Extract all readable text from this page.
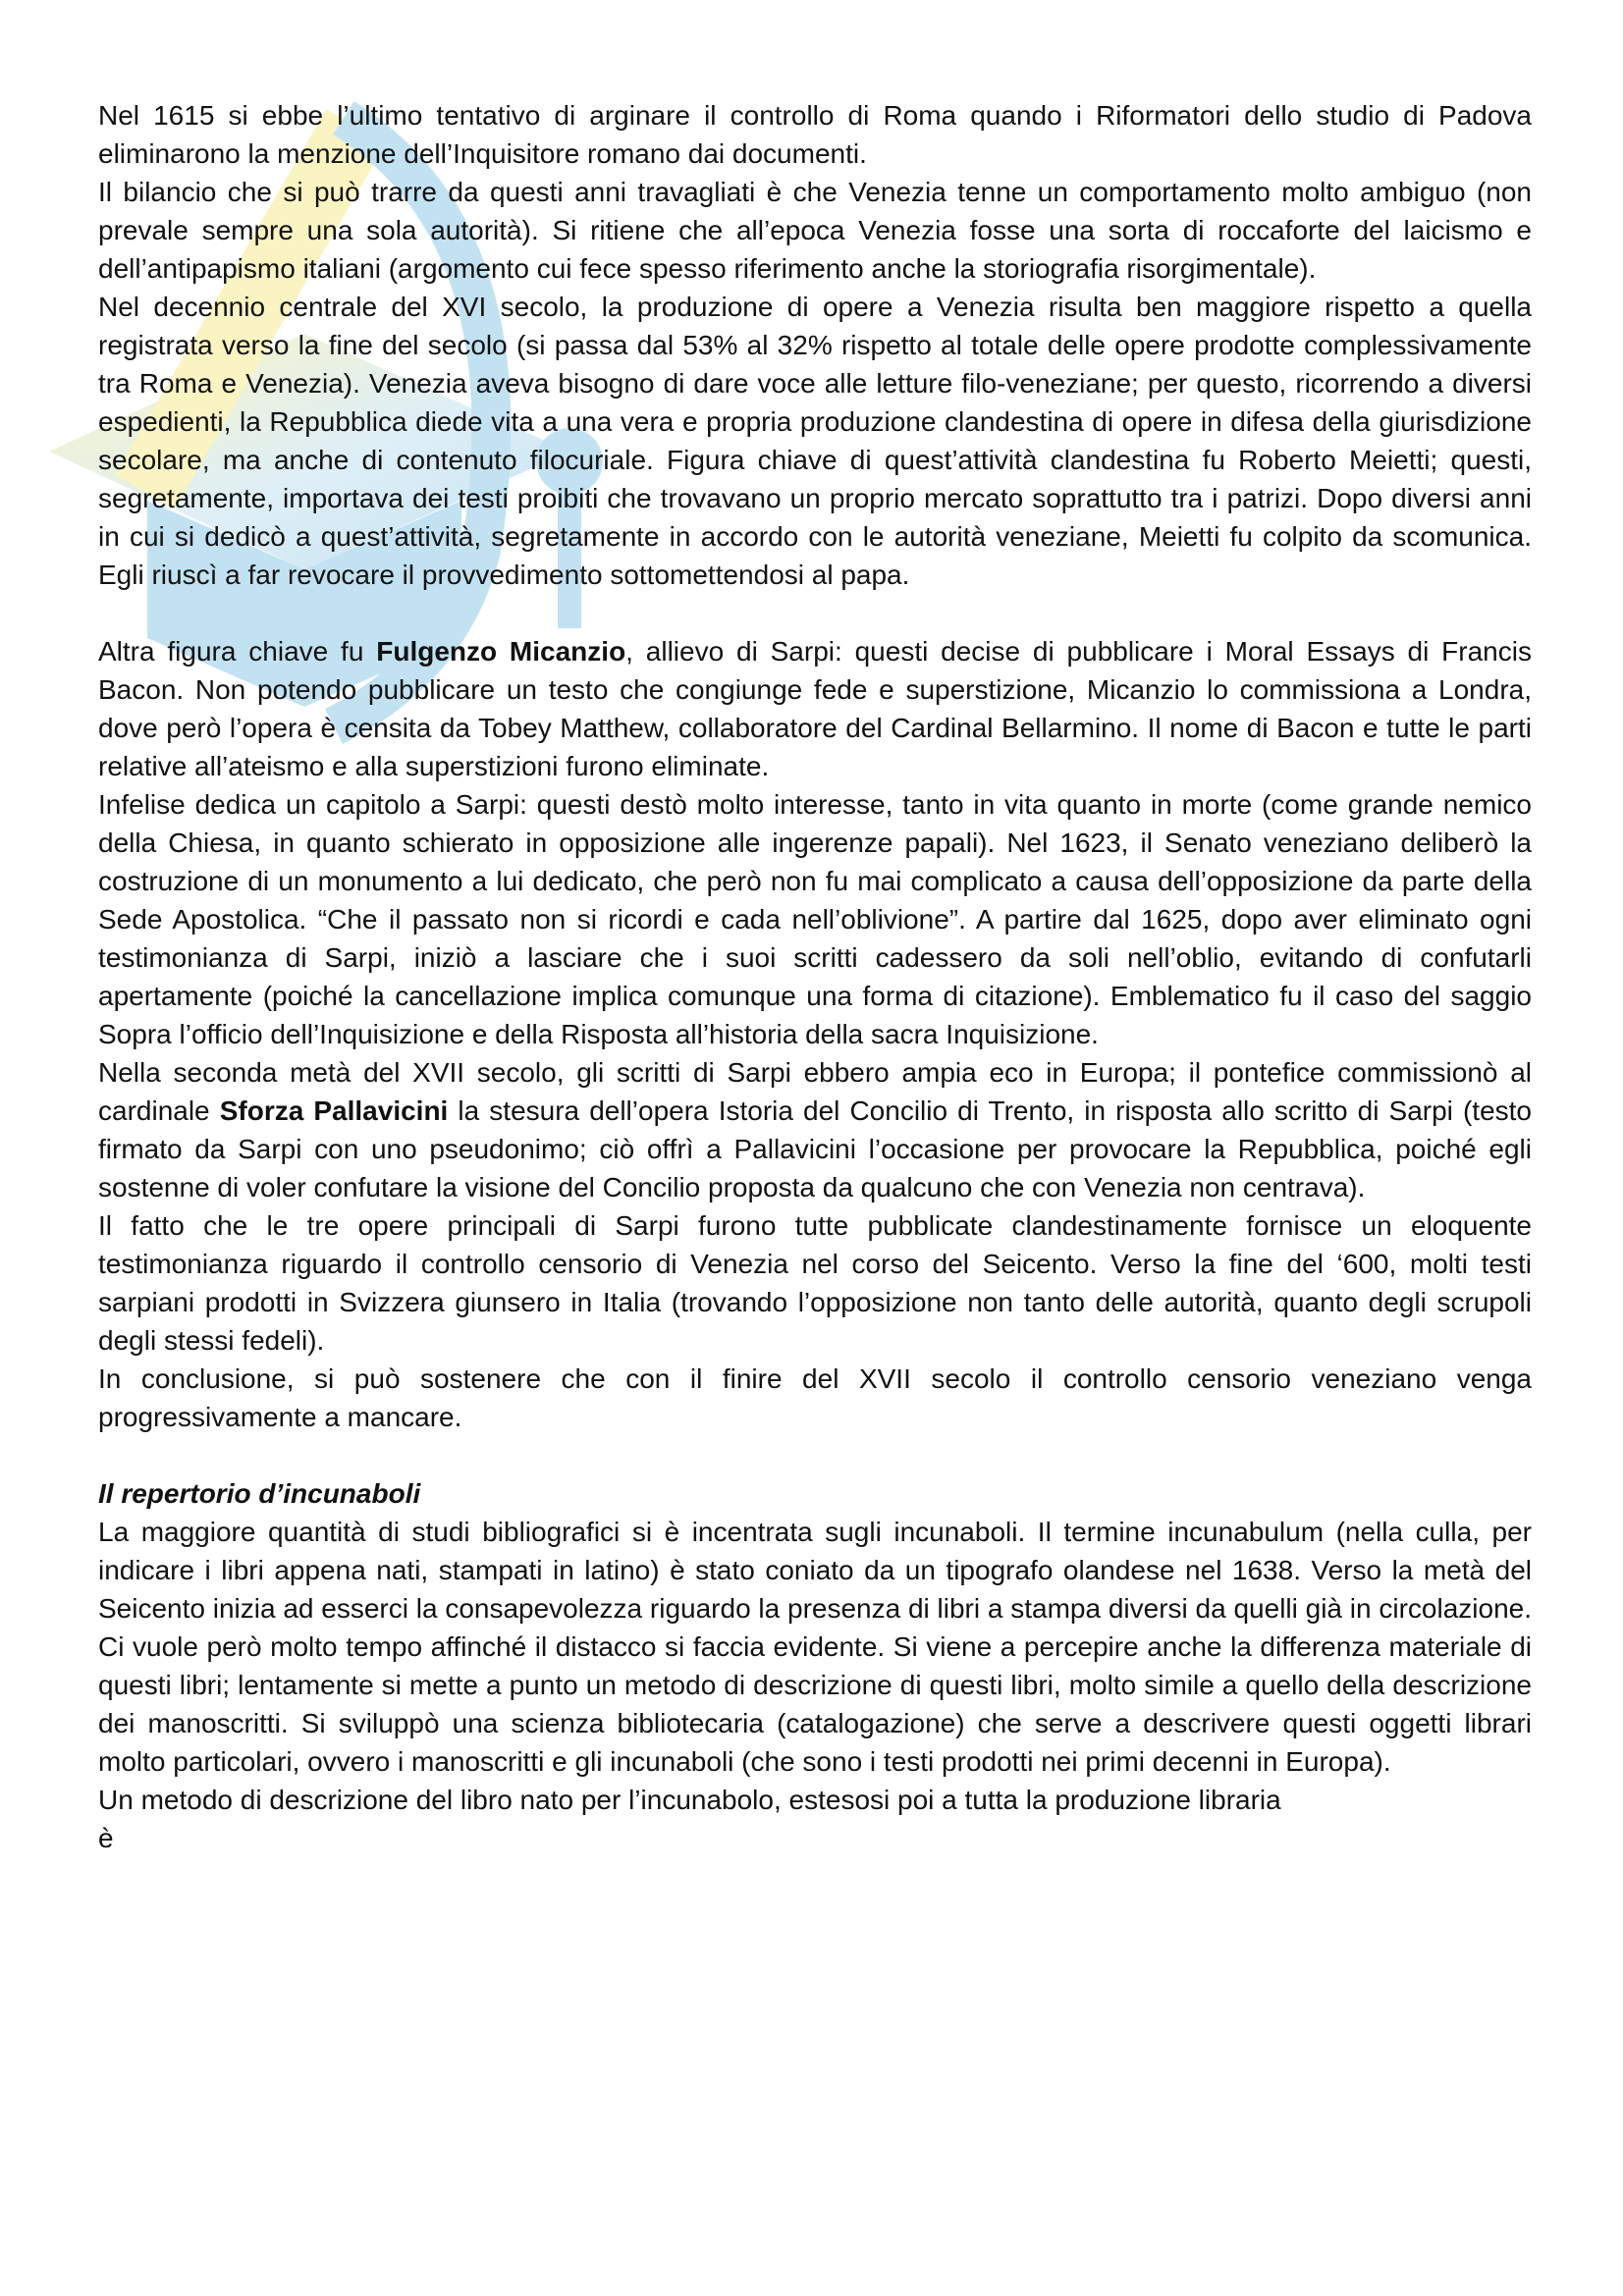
Nel 1615 si ebbe l’ultimo tentativo di arginare il controllo di Roma quando i Riformatori dello studio di Padova eliminarono la menzione dell’Inquisitore romano dai documenti.

Il bilancio che si può trarre da questi anni travagliati è che Venezia tenne un comportamento molto ambiguo (non prevale sempre una sola autorità). Si ritiene che all’epoca Venezia fosse una sorta di roccaforte del laicismo e dell’antipapismo italiani (argomento cui fece spesso riferimento anche la storiografia risorgimentale).

Nel decennio centrale del XVI secolo, la produzione di opere a Venezia risulta ben maggiore rispetto a quella registrata verso la fine del secolo (si passa dal 53% al 32% rispetto al totale delle opere prodotte complessivamente tra Roma e Venezia). Venezia aveva bisogno di dare voce alle letture filo-veneziane; per questo, ricorrendo a diversi espedienti, la Repubblica diede vita a una vera e propria produzione clandestina di opere in difesa della giurisdizione secolare, ma anche di contenuto filocuriale. Figura chiave di quest’attività clandestina fu Roberto Meietti; questi, segretamente, importava dei testi proibiti che trovavano un proprio mercato soprattutto tra i patrizi. Dopo diversi anni in cui si dedicò a quest’attività, segretamente in accordo con le autorità veneziane, Meietti fu colpito da scomunica. Egli riuscì a far revocare il provvedimento sottomettendosi al papa.

Altra figura chiave fu Fulgenzo Micanzio, allievo di Sarpi: questi decise di pubblicare i Moral Essays di Francis Bacon. Non potendo pubblicare un testo che congiunge fede e superstizione, Micanzio lo commissiona a Londra, dove però l’opera è censita da Tobey Matthew, collaboratore del Cardinal Bellarmino. Il nome di Bacon e tutte le parti relative all’ateismo e alla superstizioni furono eliminate.

Infelise dedica un capitolo a Sarpi: questi destò molto interesse, tanto in vita quanto in morte (come grande nemico della Chiesa, in quanto schierato in opposizione alle ingerenze papali). Nel 1623, il Senato veneziano deliberò la costruzione di un monumento a lui dedicato, che però non fu mai complicato a causa dell’opposizione da parte della Sede Apostolica. “Che il passato non si ricordi e cada nell’oblivione”. A partire dal 1625, dopo aver eliminato ogni testimonianza di Sarpi, iniziò a lasciare che i suoi scritti cadessero da soli nell’oblio, evitando di confutarli apertamente (poiché la cancellazione implica comunque una forma di citazione). Emblematico fu il caso del saggio Sopra l’officio dell’Inquisizione e della Risposta all’historia della sacra Inquisizione.

Nella seconda metà del XVII secolo, gli scritti di Sarpi ebbero ampia eco in Europa; il pontefice commissionò al cardinale Sforza Pallavicini la stesura dell’opera Istoria del Concilio di Trento, in risposta allo scritto di Sarpi (testo firmato da Sarpi con uno pseudonimo; ciò offrì a Pallavicini l’occasione per provocare la Repubblica, poiché egli sostenne di voler confutare la visione del Concilio proposta da qualcuno che con Venezia non centrava).

Il fatto che le tre opere principali di Sarpi furono tutte pubblicate clandestinamente fornisce un eloquente testimonianza riguardo il controllo censorio di Venezia nel corso del Seicento. Verso la fine del ‘600, molti testi sarpiani prodotti in Svizzera giunsero in Italia (trovando l’opposizione non tanto delle autorità, quanto degli scrupoli degli stessi fedeli).

In conclusione, si può sostenere che con il finire del XVII secolo il controllo censorio veneziano venga progressivamente a mancare.

Il repertorio d’incunaboli

La maggiore quantità di studi bibliografici si è incentrata sugli incunaboli. Il termine incunabulum (nella culla, per indicare i libri appena nati, stampati in latino) è stato coniato da un tipografo olandese nel 1638. Verso la metà del Seicento inizia ad esserci la consapevolezza riguardo la presenza di libri a stampa diversi da quelli già in circolazione. Ci vuole però molto tempo affinché il distacco si faccia evidente. Si viene a percepire anche la differenza materiale di questi libri; lentamente si mette a punto un metodo di descrizione di questi libri, molto simile a quello della descrizione dei manoscritti. Si sviluppò una scienza bibliotecaria (catalogazione) che serve a descrivere questi oggetti librari molto particolari, ovvero i manoscritti e gli incunaboli (che sono i testi prodotti nei primi decenni in Europa).

Un metodo di descrizione del libro nato per l’incunabolo, estesosi poi a tutta la produzione libraria

è
